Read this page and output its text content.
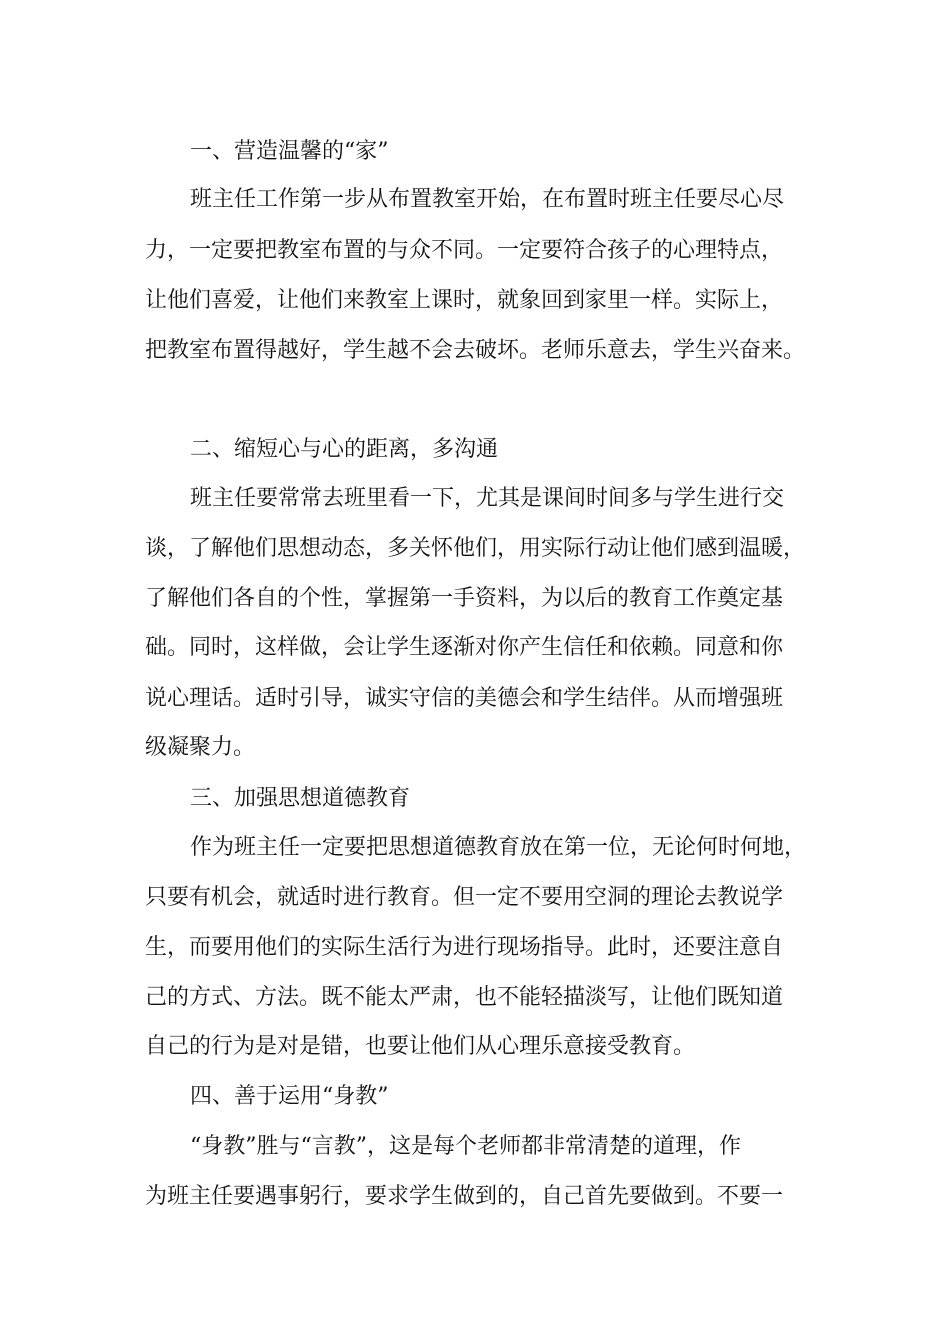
一、营造温馨的“家”
班主任工作第一步从布置教室开始，在布置时班主任要尽心尽
力，一定要把教室布置的与众不同。一定要符合孩子的心理特点，
让他们喜爱，让他们来教室上课时，就象回到家里一样。实际上，
把教室布置得越好，学生越不会去破坏。老师乐意去，学生兴奋来。
二、缩短心与心的距离，多沟通
班主任要常常去班里看一下，尤其是课间时间多与学生进行交
谈，了解他们思想动态，多关怀他们，用实际行动让他们感到温暖，
了解他们各自的个性，掌握第一手资料，为以后的教育工作奠定基
础。同时，这样做，会让学生逐渐对你产生信任和依赖。同意和你
说心理话。适时引导，诚实守信的美德会和学生结伴。从而增强班
级凝聚力。
三、加强思想道德教育
作为班主任一定要把思想道德教育放在第一位，无论何时何地，
只要有机会，就适时进行教育。但一定不要用空洞的理论去教说学
生，而要用他们的实际生活行为进行现场指导。此时，还要注意自
己的方式、方法。既不能太严肃，也不能轻描淡写，让他们既知道
自己的行为是对是错，也要让他们从心理乐意接受教育。
四、善于运用“身教”
“身教”胜与“言教”，这是每个老师都非常清楚的道理，作
为班主任要遇事躬行，要求学生做到的，自己首先要做到。不要一
